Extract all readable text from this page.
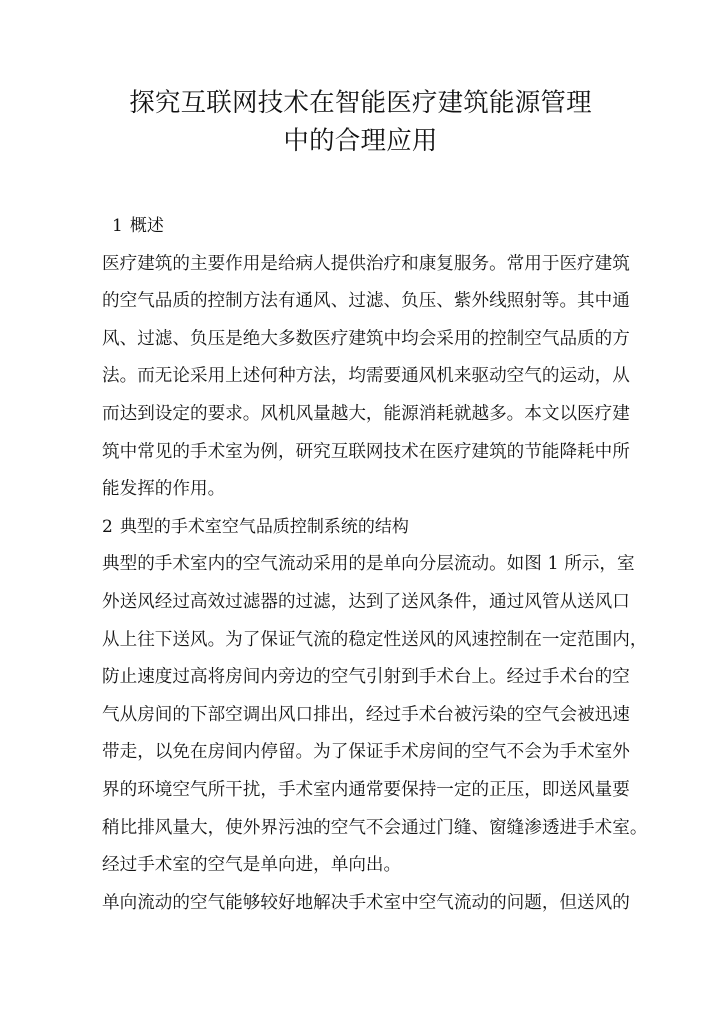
探究互联网技术在智能医疗建筑能源管理
中的合理应用
1 概述

医疗建筑的主要作用是给病人提供治疗和康复服务。常用于医疗建筑
的空气品质的控制方法有通风、过滤、负压、紫外线照射等。其中通
风、过滤、负压是绝大多数医疗建筑中均会采用的控制空气品质的方
法。而无论采用上述何种方法，均需要通风机来驱动空气的运动，从
而达到设定的要求。风机风量越大，能源消耗就越多。本文以医疗建
筑中常见的手术室为例，研究互联网技术在医疗建筑的节能降耗中所
能发挥的作用。

2 典型的手术室空气品质控制系统的结构

典型的手术室内的空气流动采用的是单向分层流动。如图 1 所示，室
外送风经过高效过滤器的过滤，达到了送风条件，通过风管从送风口
从上往下送风。为了保证气流的稳定性送风的风速控制在一定范围内，
防止速度过高将房间内旁边的空气引射到手术台上。经过手术台的空
气从房间的下部空调出风口排出，经过手术台被污染的空气会被迅速
带走，以免在房间内停留。为了保证手术房间的空气不会为手术室外
界的环境空气所干扰，手术室内通常要保持一定的正压，即送风量要
稍比排风量大，使外界污浊的空气不会通过门缝、窗缝渗透进手术室。
经过手术室的空气是单向进，单向出。

单向流动的空气能够较好地解决手术室中空气流动的问题，但送风的
